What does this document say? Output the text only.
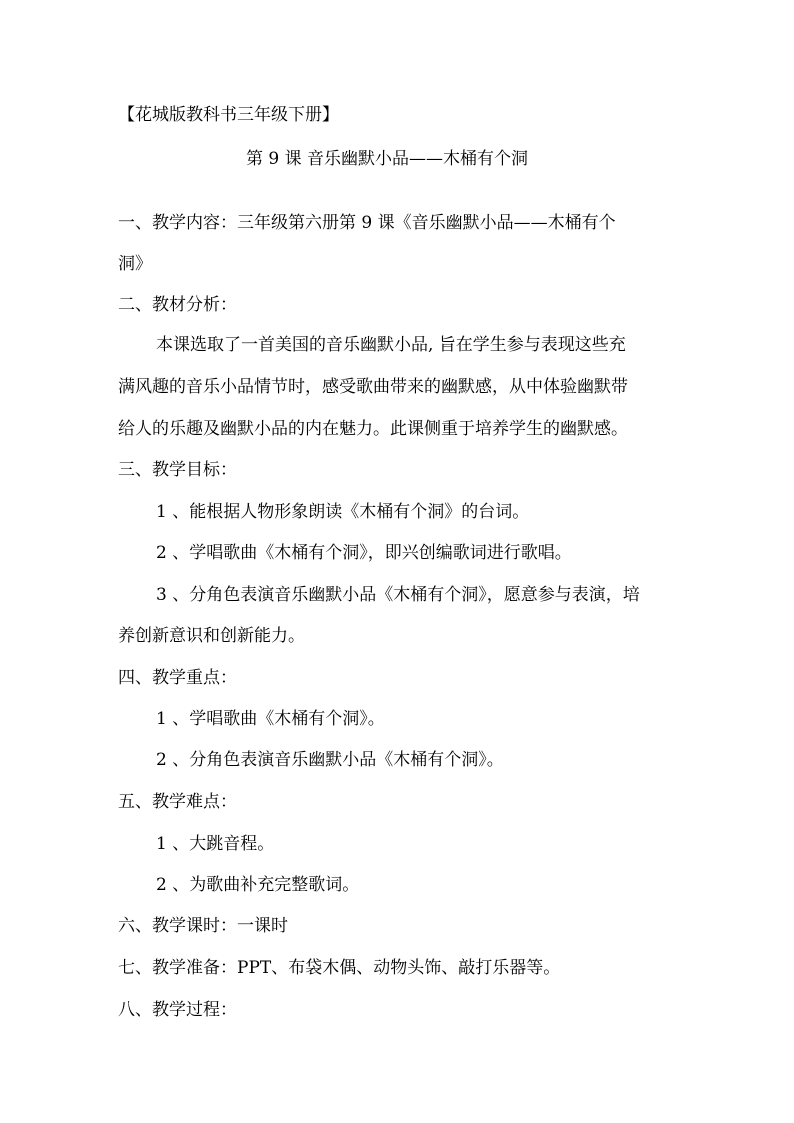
【花城版教科书三年级下册】
第 9 课 音乐幽默小品——木桶有个洞
一、教学内容：三年级第六册第 9 课《音乐幽默小品——木桶有个
洞》
二、教材分析：
本课选取了一首美国的音乐幽默小品, 旨在学生参与表现这些充
满风趣的音乐小品情节时，感受歌曲带来的幽默感，从中体验幽默带
给人的乐趣及幽默小品的内在魅力。此课侧重于培养学生的幽默感。
三、教学目标：
1 、能根据人物形象朗读《木桶有个洞》的台词。
2 、学唱歌曲《木桶有个洞》，即兴创编歌词进行歌唱。
3 、分角色表演音乐幽默小品《木桶有个洞》，愿意参与表演，培
养创新意识和创新能力。
四、教学重点：
1 、学唱歌曲《木桶有个洞》。
2 、分角色表演音乐幽默小品《木桶有个洞》。
五、教学难点：
1 、大跳音程。
2 、为歌曲补充完整歌词。
六、教学课时：一课时
七、教学准备：PPT、布袋木偶、动物头饰、敲打乐器等。
八、教学过程：
